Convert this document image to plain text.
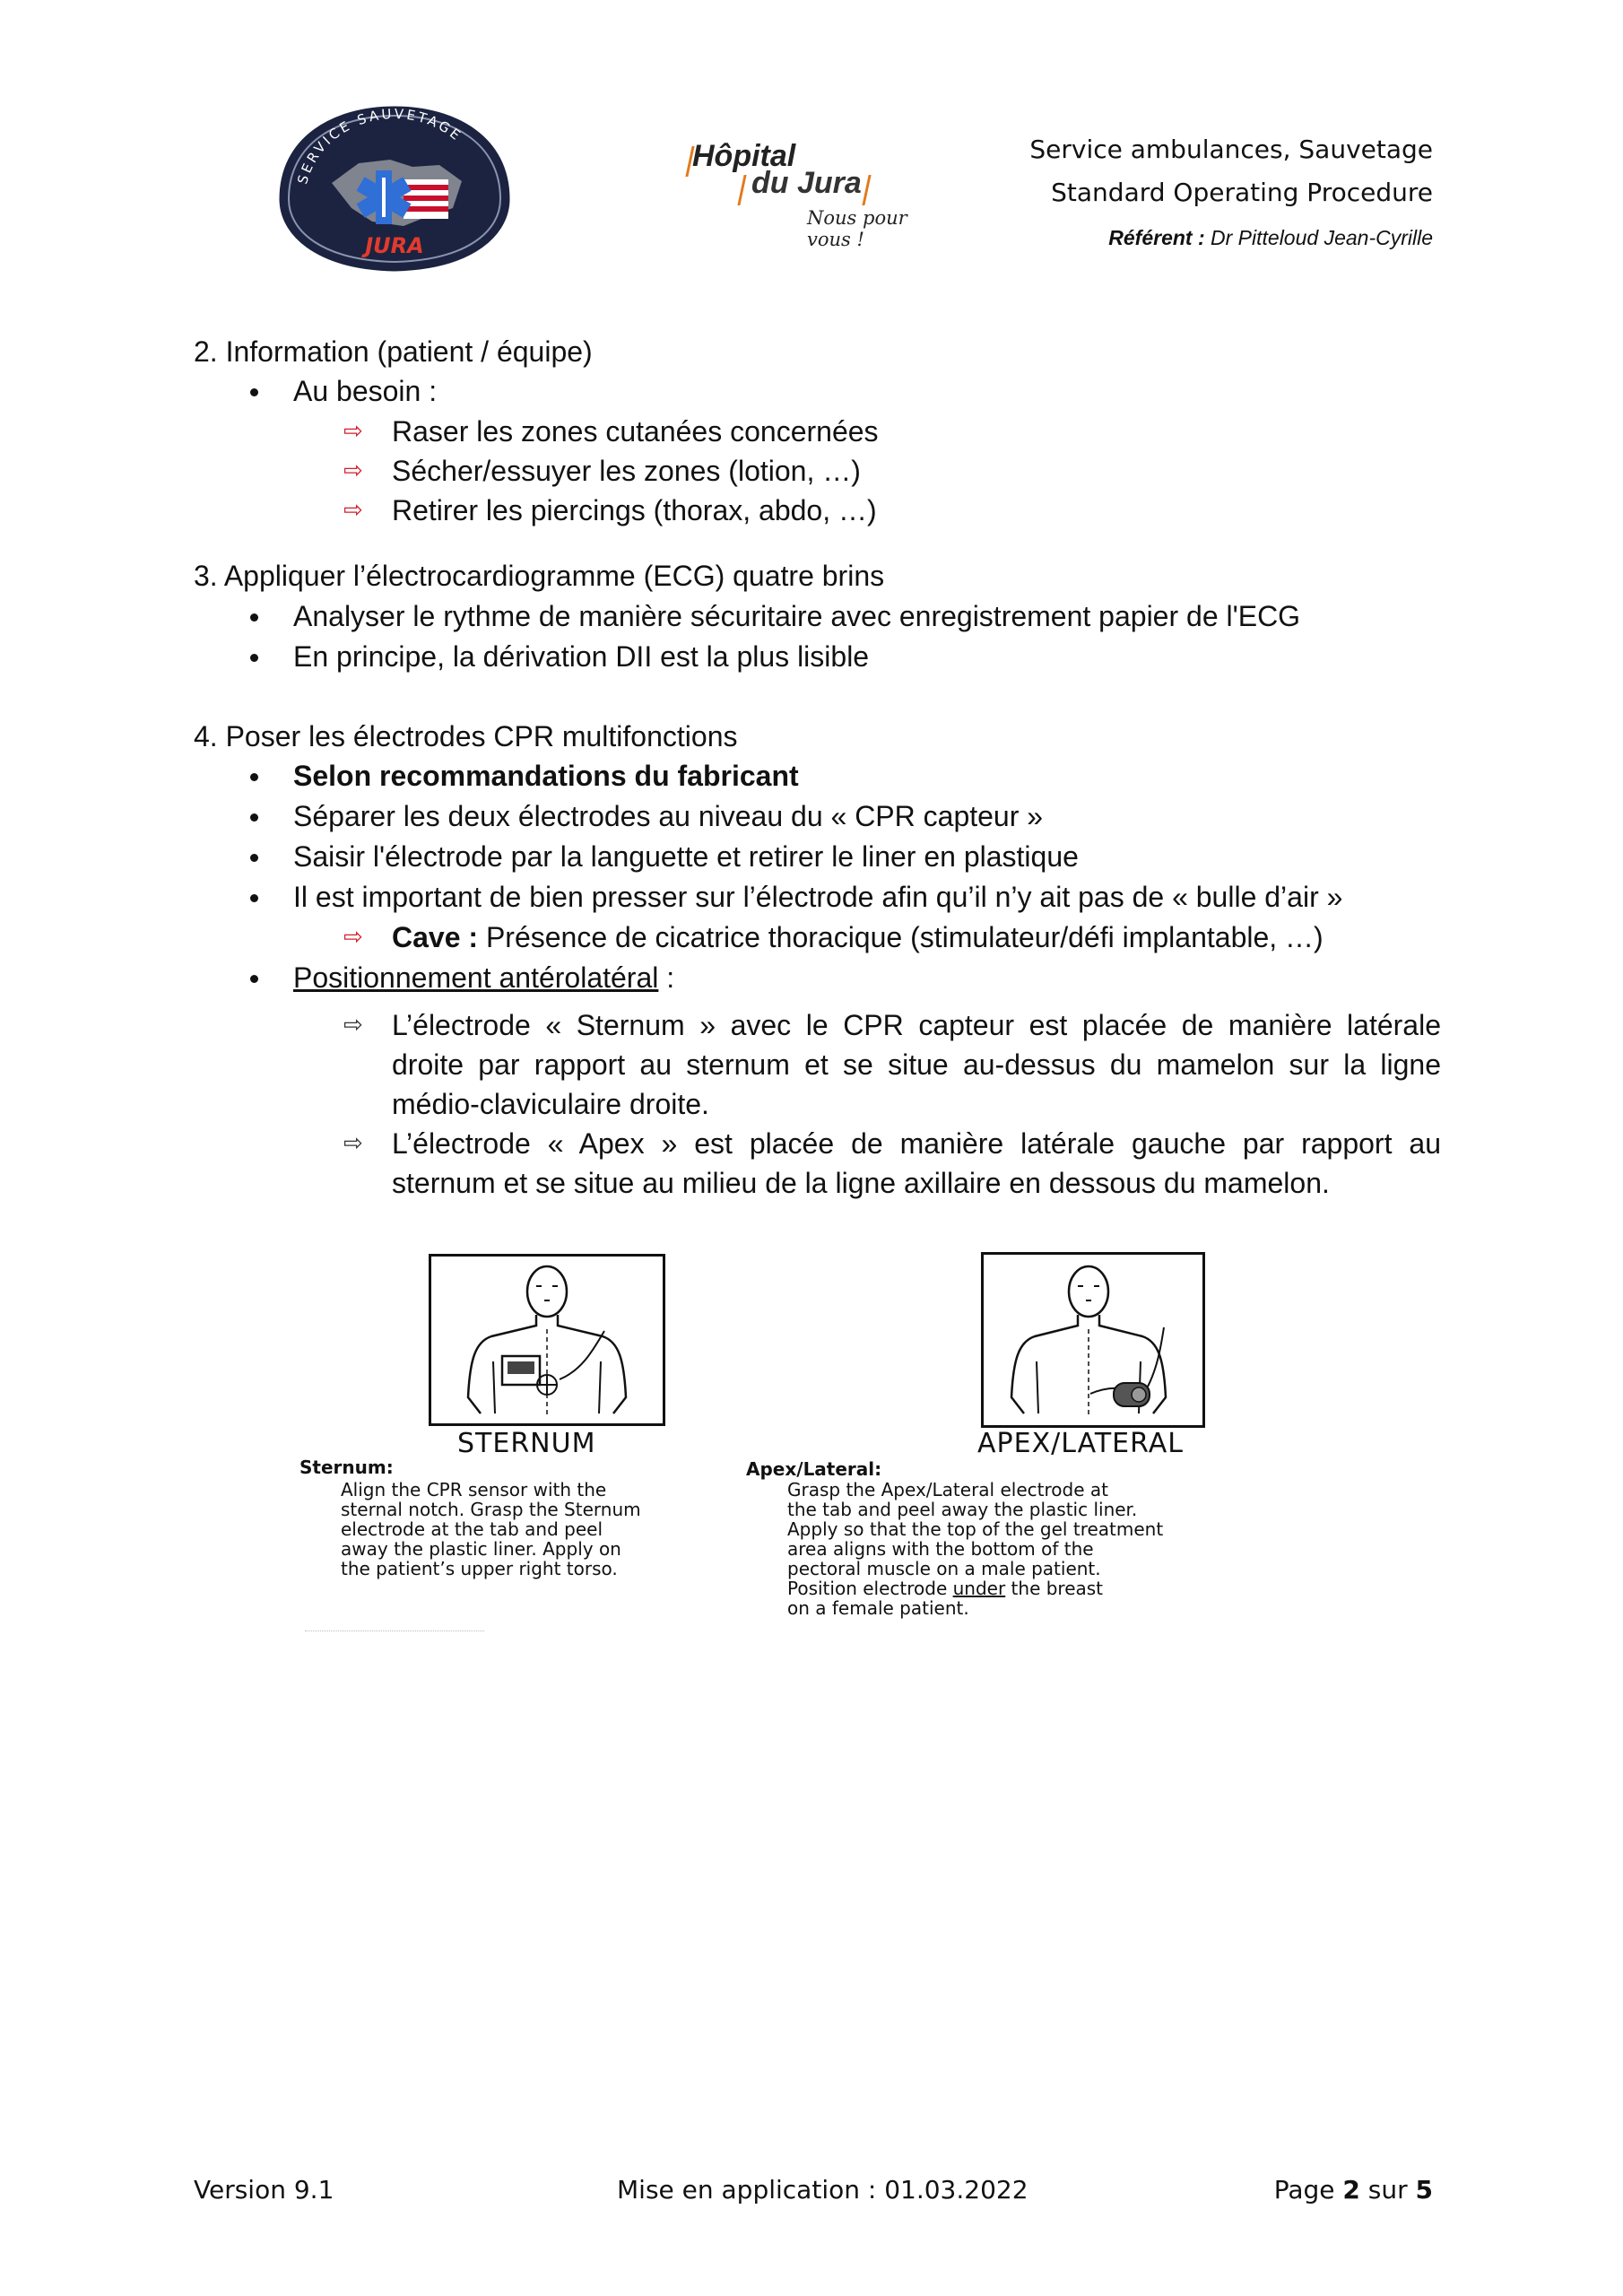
SERVICE SAUVETAGE
JURA
Hôpital
du Jura
Nous pour vous !
Service ambulances, Sauvetage
Standard Operating Procedure
Référent : Dr Pitteloud Jean-Cyrille
2. Information (patient / équipe)
Au besoin :
⇨ Raser les zones cutanées concernées
⇨ Sécher/essuyer les zones (lotion, …)
⇨ Retirer les piercings (thorax, abdo, …)
3. Appliquer l’électrocardiogramme (ECG) quatre brins
Analyser le rythme de manière sécuritaire avec enregistrement papier de l'ECG
En principe, la dérivation DII est la plus lisible
4. Poser les électrodes CPR multifonctions
Selon recommandations du fabricant
Séparer les deux électrodes au niveau du « CPR capteur »
Saisir l'électrode par la languette et retirer le liner en plastique
Il est important de bien presser sur l’électrode afin qu’il n’y ait pas de « bulle d’air »
⇨ Cave : Présence de cicatrice thoracique (stimulateur/défi implantable, …)
Positionnement antérolatéral :
⇨ L’électrode « Sternum » avec le CPR capteur est placée de manière latérale
droite par rapport au sternum et se situe au-dessus du mamelon sur la ligne
médio-claviculaire droite.
⇨ L’électrode « Apex » est placée de manière latérale gauche par rapport au
sternum et se situe au milieu de la ligne axillaire en dessous du mamelon.
STERNUM
Sternum:
Align the CPR sensor with the
sternal notch. Grasp the Sternum
electrode at the tab and peel
away the plastic liner. Apply on
the patient’s upper right torso.
APEX/LATERAL
Apex/Lateral:
Grasp the Apex/Lateral electrode at
the tab and peel away the plastic liner.
Apply so that the top of the gel treatment
area aligns with the bottom of the
pectoral muscle on a male patient.
Position electrode under the breast
on a female patient.
Version 9.1	Mise en application : 01.03.2022	Page 2 sur 5
